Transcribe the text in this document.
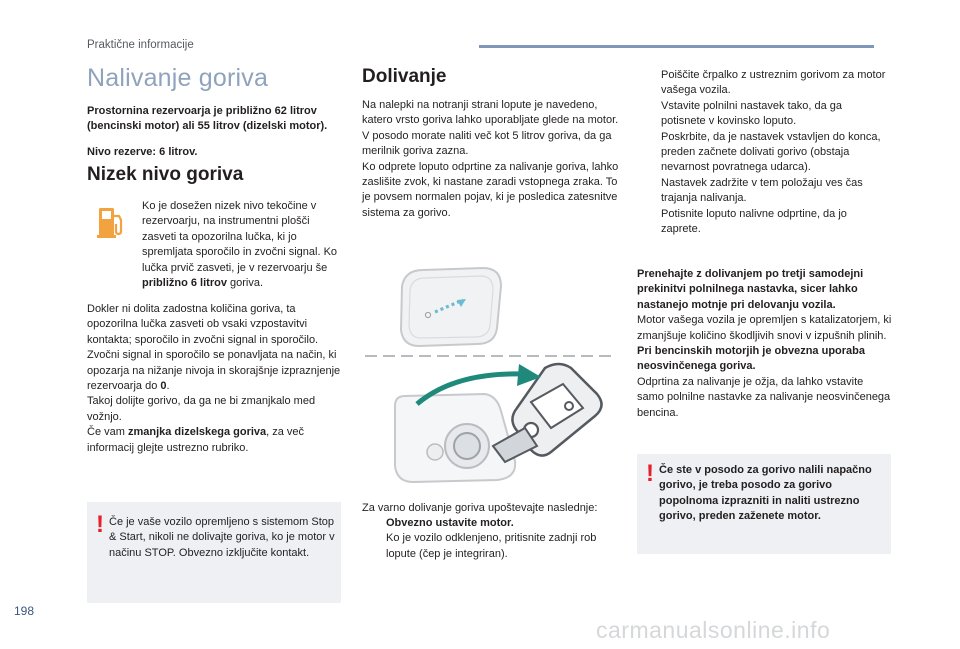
Praktične informacije
Nalivanje goriva

Prostornina rezervoarja je približno 62 litrov (bencinski motor) ali 55 litrov (dizelski motor).

Nivo rezerve: 6 litrov.

Nizek nivo goriva

Ko je dosežen nizek nivo tekočine v rezervoarju, na instrumentni plošči zasveti ta opozorilna lučka, ki jo spremljata sporočilo in zvočni signal. Ko lučka prvič zasveti, je v rezervoarju še približno 6 litrov goriva.

Dokler ni dolita zadostna količina goriva, ta opozorilna lučka zasveti ob vsaki vzpostavitvi kontakta; sporočilo in zvočni signal in sporočilo. Zvočni signal in sporočilo se ponavljata na način, ki opozarja na nižanje nivoja in skorajšnje izpraznjenje rezervoarja do 0.
Takoj dolijte gorivo, da ga ne bi zmanjkalo med vožnjo.
Če vam zmanjka dizelskega goriva, za več informacij glejte ustrezno rubriko.

! Če je vaše vozilo opremljeno s sistemom Stop & Start, nikoli ne dolivajte goriva, ko je motor v načinu STOP. Obvezno izključite kontakt.

Dolivanje

Na nalepki na notranji strani lopute je navedeno, katero vrsto goriva lahko uporabljate glede na motor.

V posodo morate naliti več kot 5 litrov goriva, da ga merilnik goriva zazna.

Ko odprete loputo odprtine za nalivanje goriva, lahko zaslišite zvok, ki nastane zaradi vstopnega zraka. To je povsem normalen pojav, ki je posledica zatesnitve sistema za gorivo.

Za varno dolivanje goriva upoštevajte naslednje:

Obvezno ustavite motor.
Ko je vozilo odklenjeno, pritisnite zadnji rob lopute (čep je integriran).
Poiščite črpalko z ustreznim gorivom za motor vašega vozila.
Vstavite polnilni nastavek tako, da ga potisnete v kovinsko loputo.
Poskrbite, da je nastavek vstavljen do konca, preden začnete dolivati gorivo (obstaja nevarnost povratnega udarca).
Nastavek zadržite v tem položaju ves čas trajanja nalivanja.
Potisnite loputo nalivne odprtine, da jo zaprete.

Prenehajte z dolivanjem po tretji samodejni prekinitvi polnilnega nastavka, sicer lahko nastanejo motnje pri delovanju vozila.

Motor vašega vozila je opremljen s katalizatorjem, ki zmanjšuje količino škodljivih snovi v izpušnih plinih.

Pri bencinskih motorjih je obvezna uporaba neosvinčenega goriva.

Odprtina za nalivanje je ožja, da lahko vstavite samo polnilne nastavke za nalivanje neosvinčenega bencina.

! Če ste v posodo za gorivo nalili napačno gorivo, je treba posodo za gorivo popolnoma izprazniti in naliti ustrezno gorivo, preden zaženete motor.

198
carmanualsonline.info
